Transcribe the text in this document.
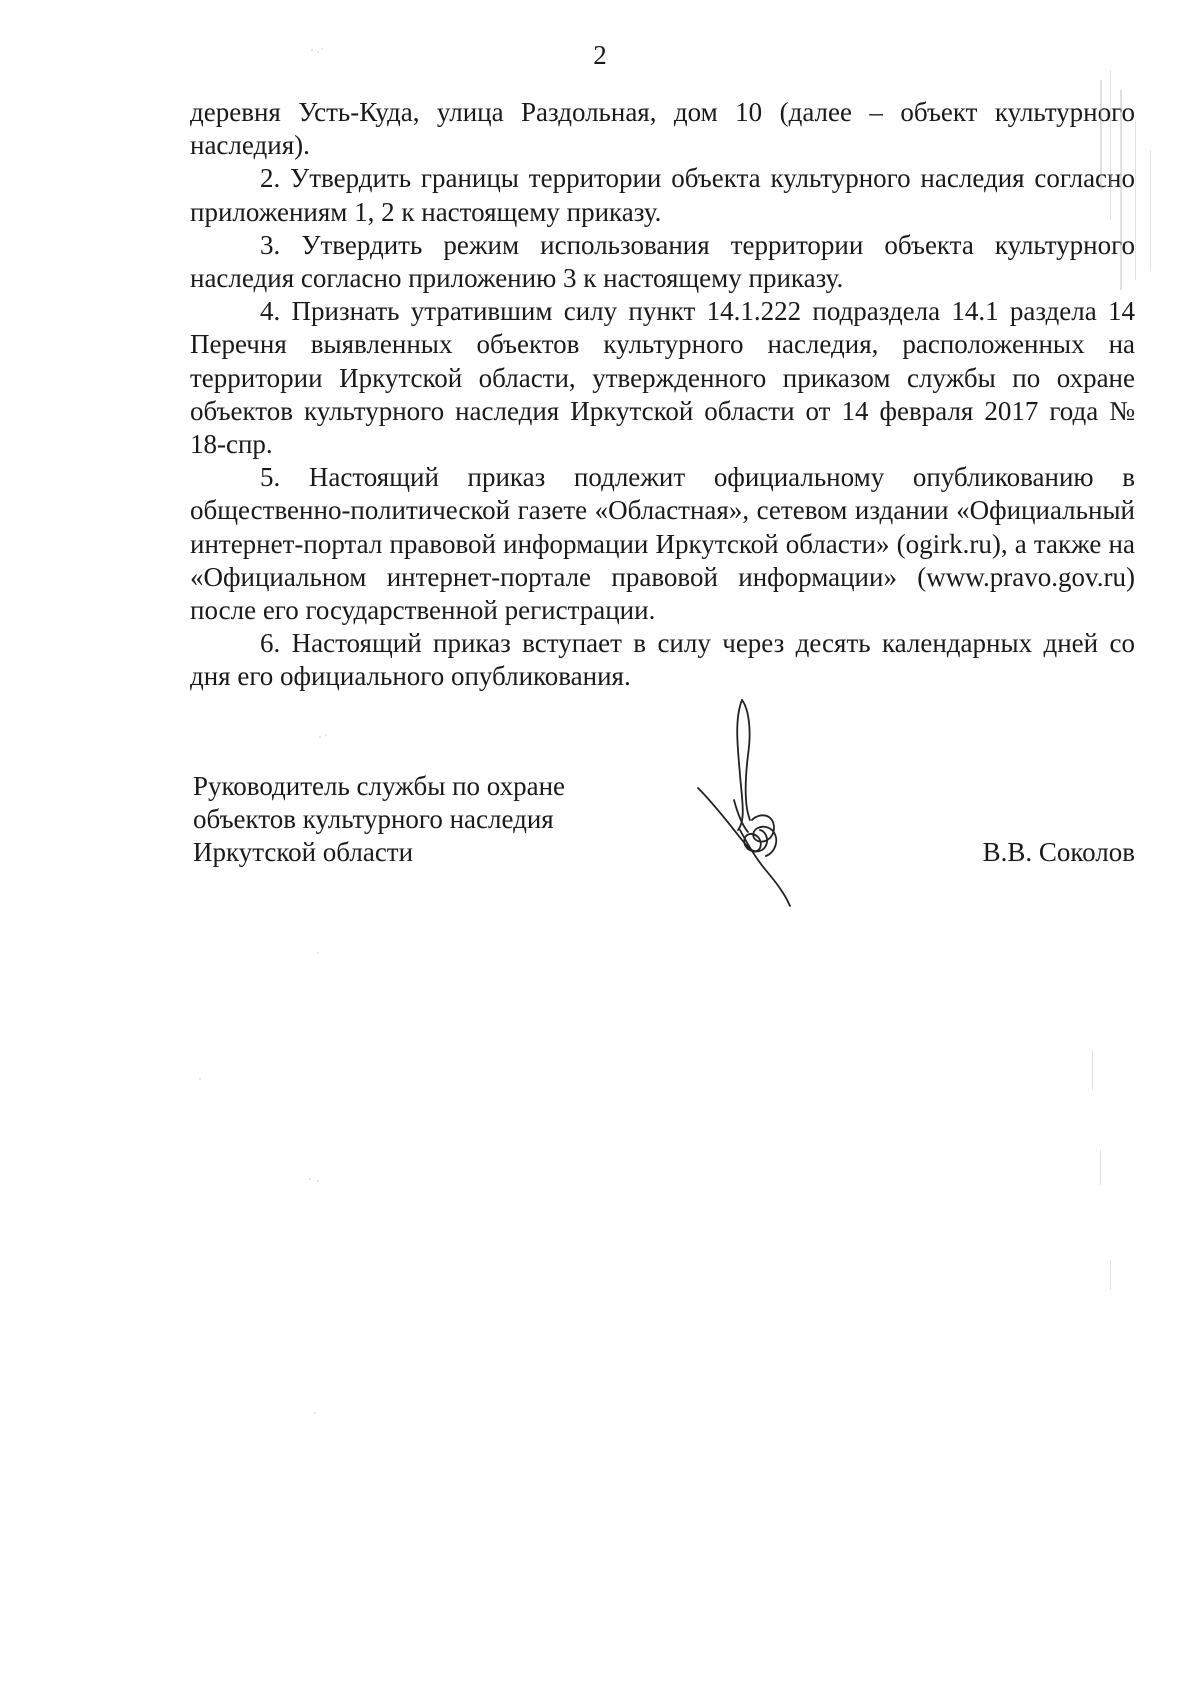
2

деревня Усть-Куда, улица Раздольная, дом 10 (далее – объект культурного наследия).

2. Утвердить границы территории объекта культурного наследия согласно приложениям 1, 2 к настоящему приказу.

3. Утвердить режим использования территории объекта культурного наследия согласно приложению 3 к настоящему приказу.

4. Признать утратившим силу пункт 14.1.222 подраздела 14.1 раздела 14 Перечня выявленных объектов культурного наследия, расположенных на территории Иркутской области, утвержденного приказом службы по охране объектов культурного наследия Иркутской области от 14 февраля 2017 года № 18-спр.

5. Настоящий приказ подлежит официальному опубликованию в общественно-политической газете «Областная», сетевом издании «Официальный интернет-портал правовой информации Иркутской области» (ogirk.ru), а также на «Официальном интернет-портале правовой информации» (www.pravo.gov.ru) после его государственной регистрации.

6. Настоящий приказ вступает в силу через десять календарных дней со дня его официального опубликования.

Руководитель службы по охране
объектов культурного наследия
Иркутской области	В.В. Соколов
